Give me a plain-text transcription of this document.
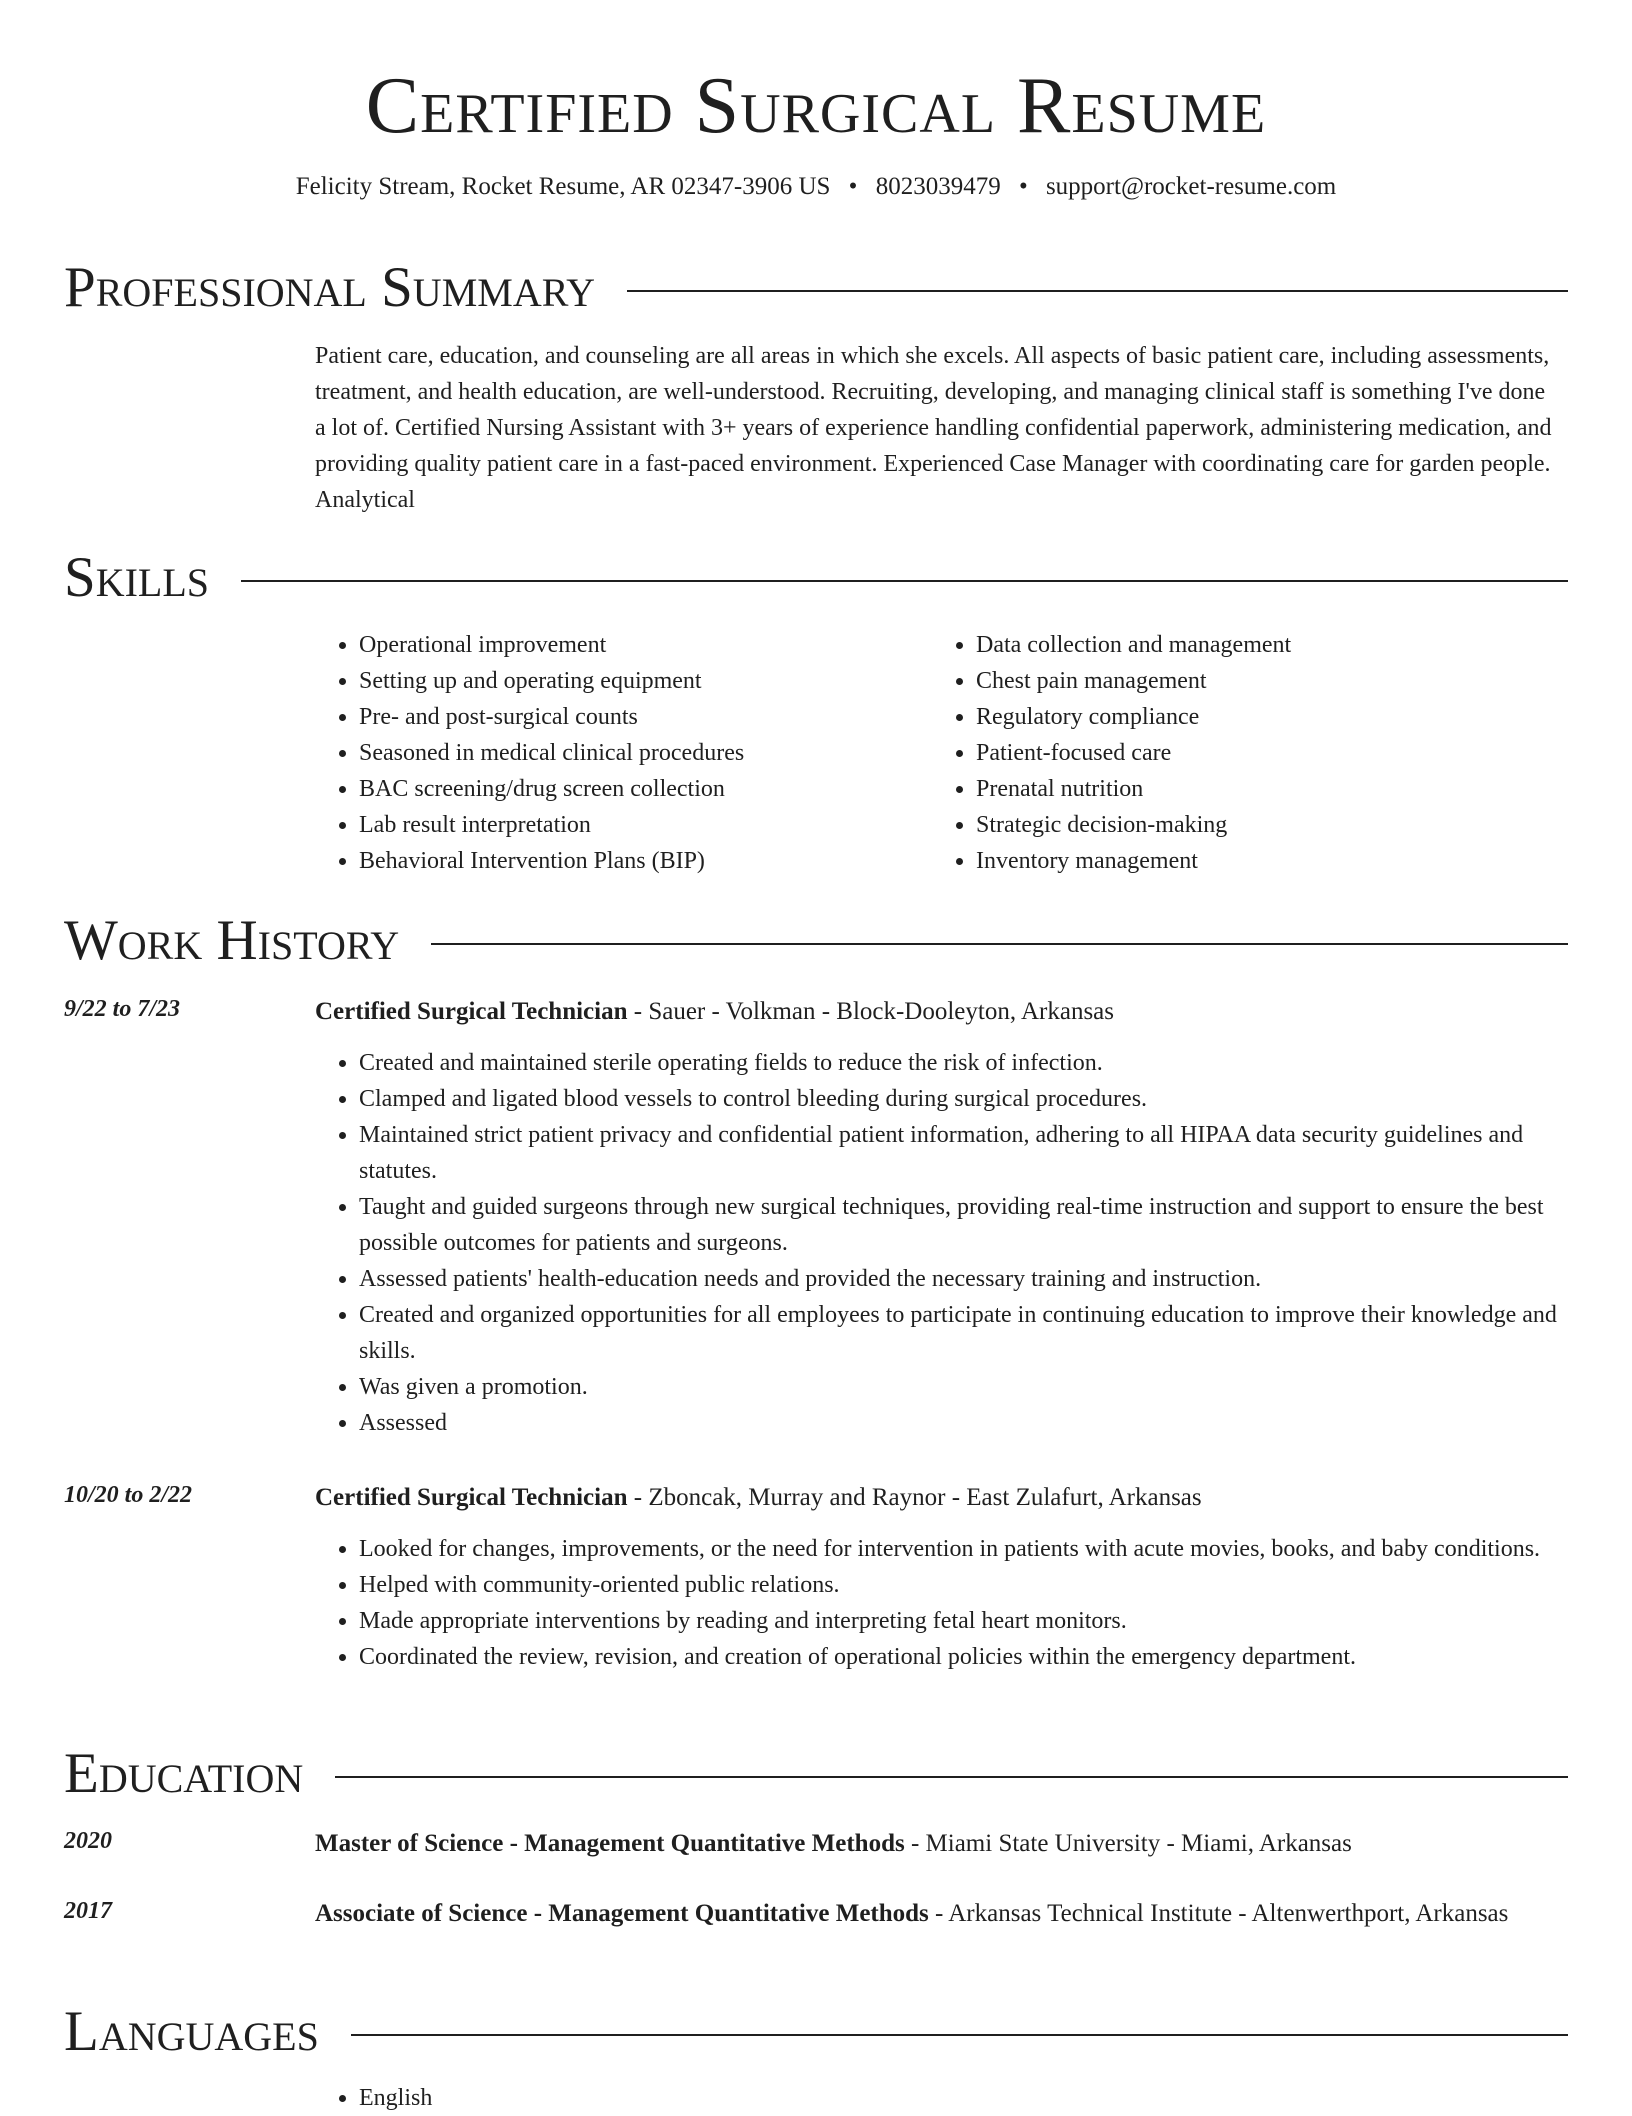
Certified Surgical Resume
Felicity Stream, Rocket Resume, AR 02347-3906 US • 8023039479 • support@rocket-resume.com
Professional Summary
Patient care, education, and counseling are all areas in which she excels. All aspects of basic patient care, including assessments, treatment, and health education, are well-understood. Recruiting, developing, and managing clinical staff is something I've done a lot of. Certified Nursing Assistant with 3+ years of experience handling confidential paperwork, administering medication, and providing quality patient care in a fast-paced environment. Experienced Case Manager with coordinating care for garden people. Analytical
Skills
• Operational improvement
• Setting up and operating equipment
• Pre- and post-surgical counts
• Seasoned in medical clinical procedures
• BAC screening/drug screen collection
• Lab result interpretation
• Behavioral Intervention Plans (BIP)
• Data collection and management
• Chest pain management
• Regulatory compliance
• Patient-focused care
• Prenatal nutrition
• Strategic decision-making
• Inventory management
Work History
9/22 to 7/23	Certified Surgical Technician - Sauer - Volkman - Block-Dooleyton, Arkansas
• Created and maintained sterile operating fields to reduce the risk of infection.
• Clamped and ligated blood vessels to control bleeding during surgical procedures.
• Maintained strict patient privacy and confidential patient information, adhering to all HIPAA data security guidelines and statutes.
• Taught and guided surgeons through new surgical techniques, providing real-time instruction and support to ensure the best possible outcomes for patients and surgeons.
• Assessed patients' health-education needs and provided the necessary training and instruction.
• Created and organized opportunities for all employees to participate in continuing education to improve their knowledge and skills.
• Was given a promotion.
• Assessed
10/20 to 2/22	Certified Surgical Technician - Zboncak, Murray and Raynor - East Zulafurt, Arkansas
• Looked for changes, improvements, or the need for intervention in patients with acute movies, books, and baby conditions.
• Helped with community-oriented public relations.
• Made appropriate interventions by reading and interpreting fetal heart monitors.
• Coordinated the review, revision, and creation of operational policies within the emergency department.
Education
2020	Master of Science - Management Quantitative Methods - Miami State University - Miami, Arkansas
2017	Associate of Science - Management Quantitative Methods - Arkansas Technical Institute - Altenwerthport, Arkansas
Languages
• English
